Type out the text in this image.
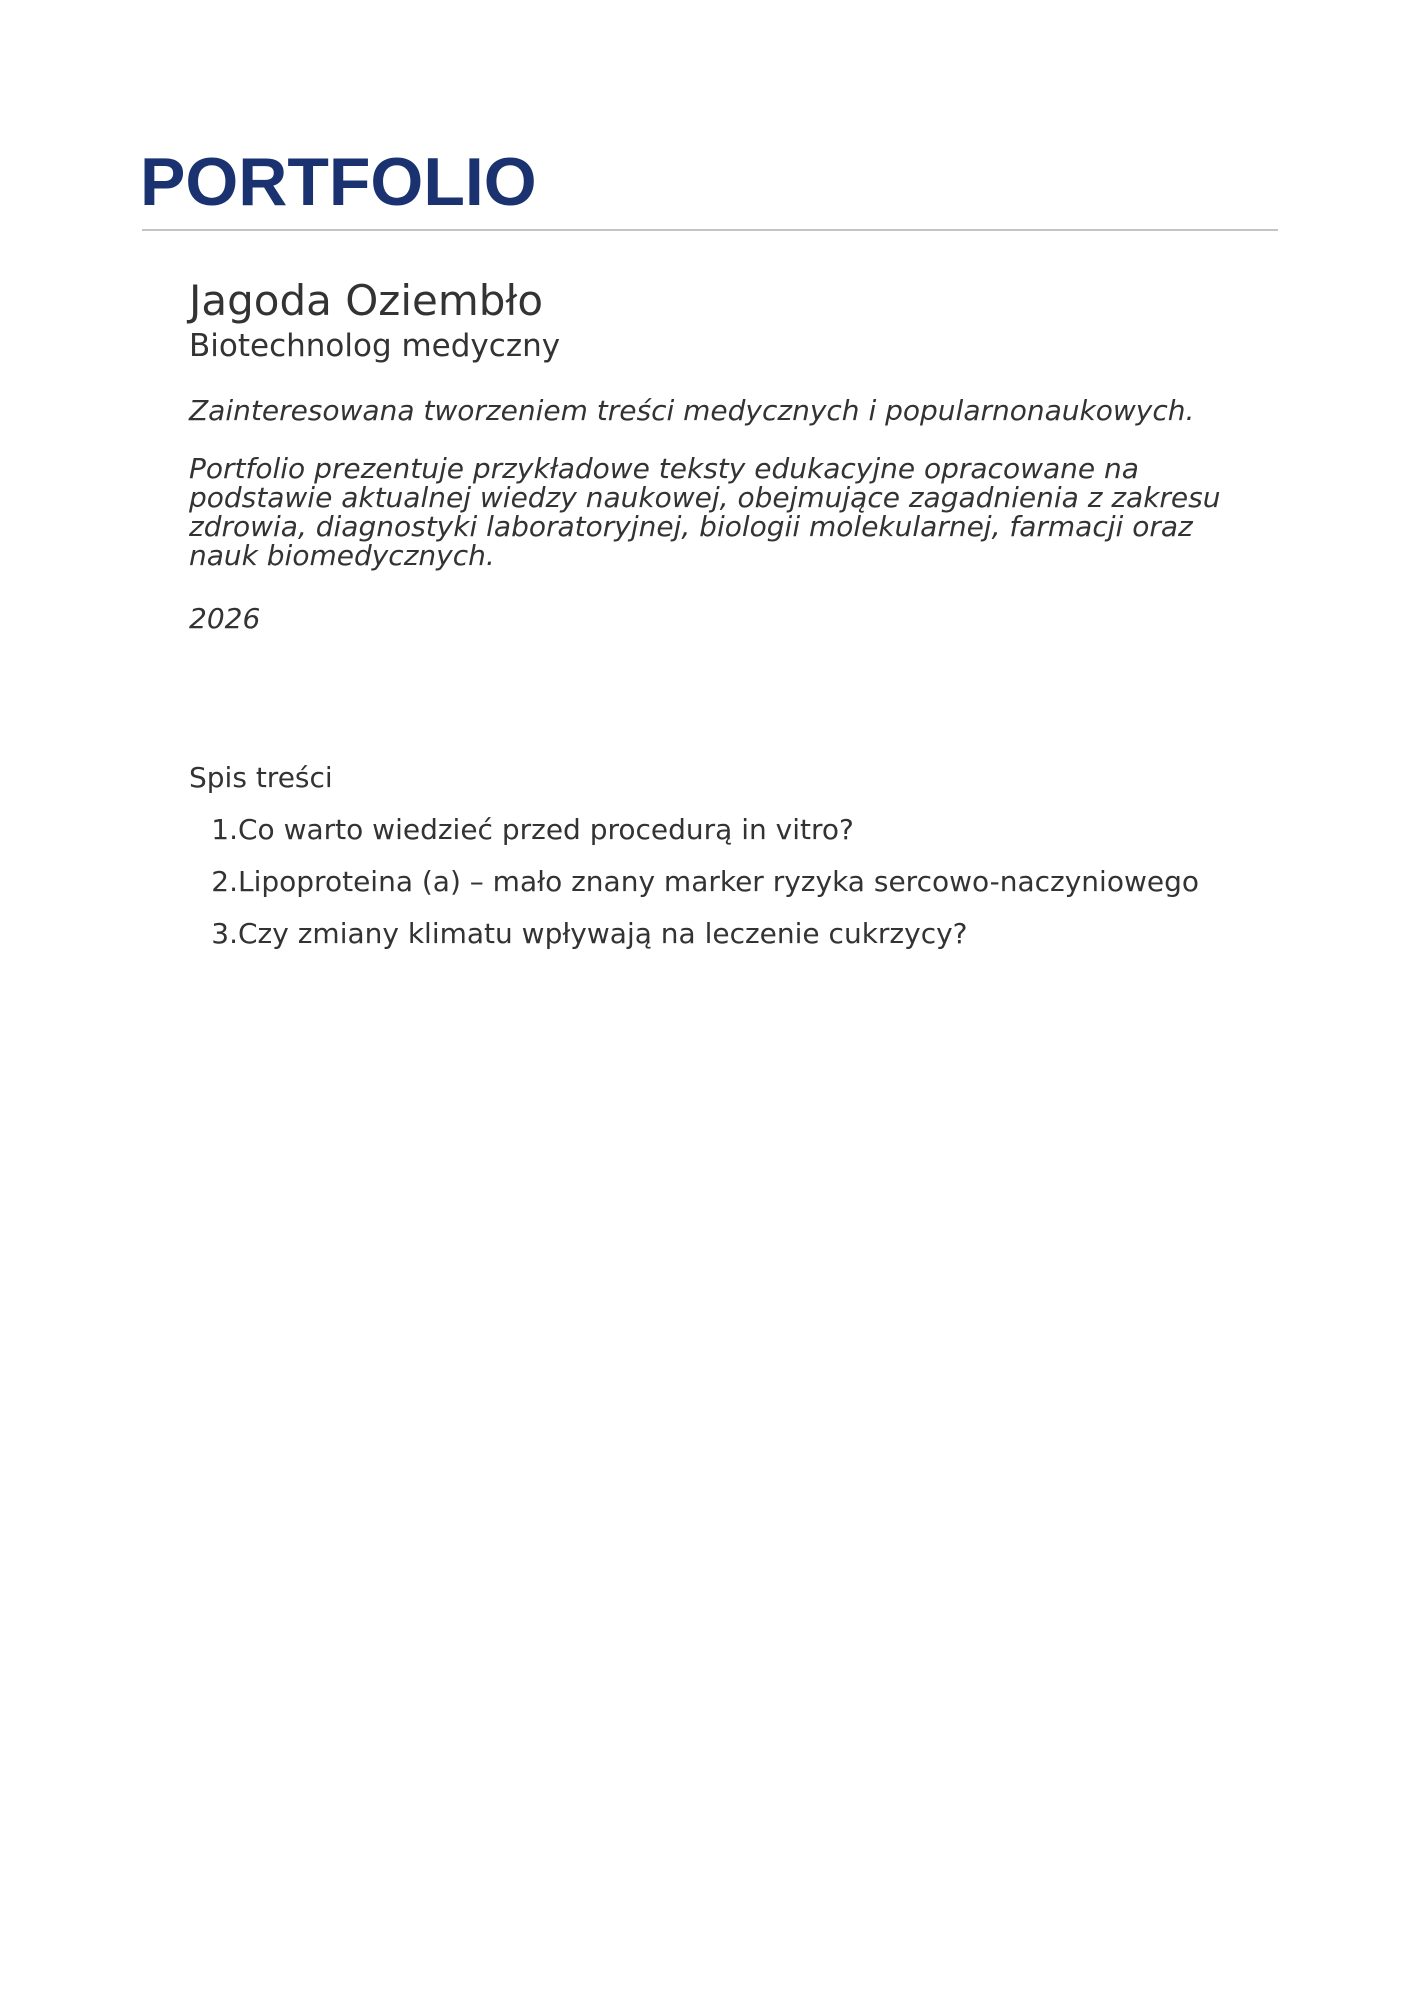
PORTFOLIO
Jagoda Oziembło

Biotechnolog medyczny

Zainteresowana tworzeniem treści medycznych i popularnonaukowych.

Portfolio prezentuje przykładowe teksty edukacyjne opracowane na podstawie aktualnej wiedzy naukowej, obejmujące zagadnienia z zakresu zdrowia, diagnostyki laboratoryjnej, biologii molekularnej, farmacji oraz nauk biomedycznych.

2026

Spis treści

1. Co warto wiedzieć przed procedurą in vitro?
2. Lipoproteina (a) – mało znany marker ryzyka sercowo-naczyniowego
3. Czy zmiany klimatu wpływają na leczenie cukrzycy?
